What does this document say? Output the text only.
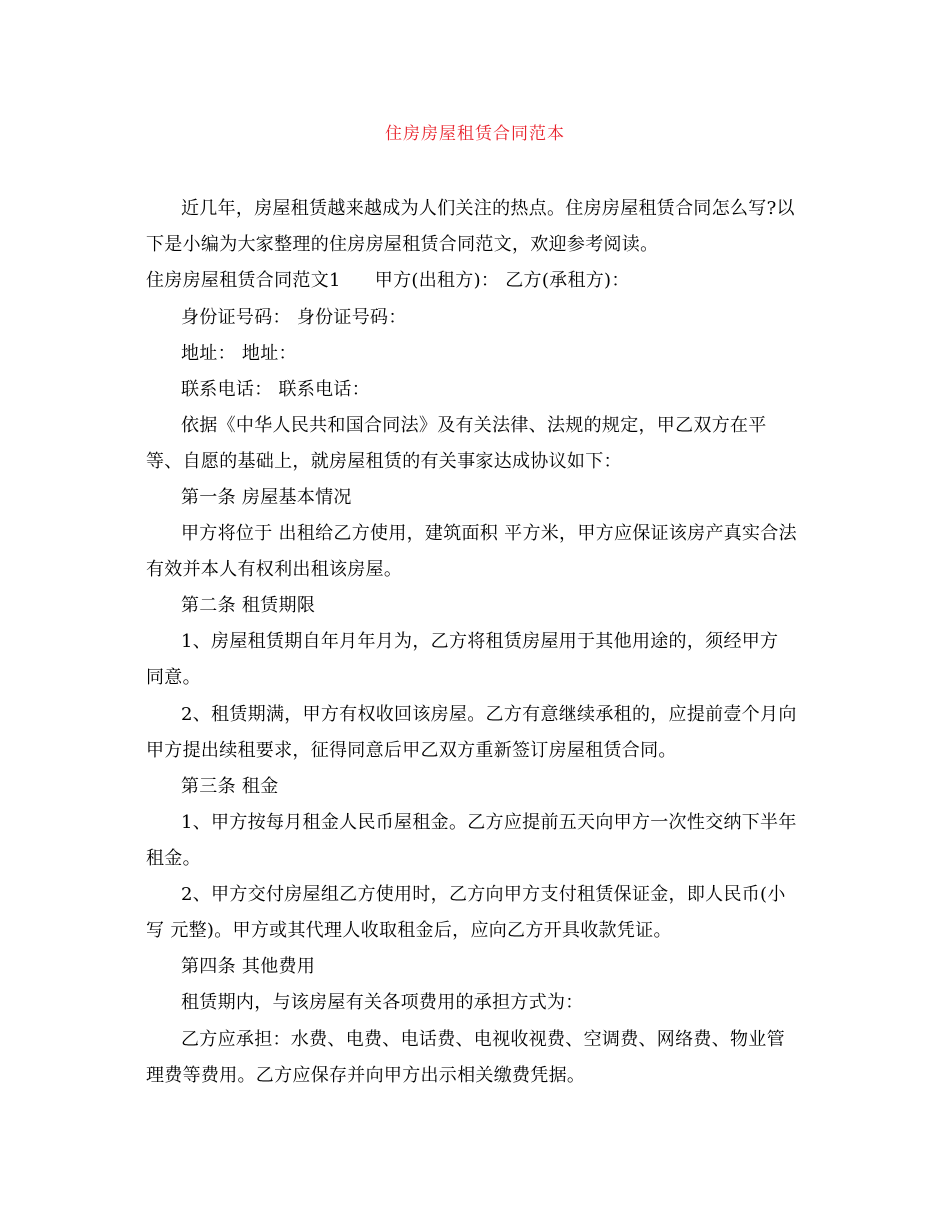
住房房屋租赁合同范本
近几年，房屋租赁越来越成为人们关注的热点。住房房屋租赁合同怎么写?以
下是小编为大家整理的住房房屋租赁合同范文，欢迎参考阅读。
住房房屋租赁合同范文1 甲方(出租方)： 乙方(承租方)：
身份证号码： 身份证号码：
地址： 地址：
联系电话： 联系电话：
依据《中华人民共和国合同法》及有关法律、法规的规定，甲乙双方在平
等、自愿的基础上，就房屋租赁的有关事家达成协议如下：
第一条 房屋基本情况
甲方将位于 出租给乙方使用，建筑面积 平方米，甲方应保证该房产真实合法
有效并本人有权利出租该房屋。
第二条 租赁期限
1、房屋租赁期自年月年月为，乙方将租赁房屋用于其他用途的，须经甲方
同意。
2、租赁期满，甲方有权收回该房屋。乙方有意继续承租的，应提前壹个月向
甲方提出续租要求，征得同意后甲乙双方重新签订房屋租赁合同。
第三条 租金
1、甲方按每月租金人民币屋租金。乙方应提前五天向甲方一次性交纳下半年
租金。
2、甲方交付房屋组乙方使用时，乙方向甲方支付租赁保证金，即人民币(小
写 元整)。甲方或其代理人收取租金后，应向乙方开具收款凭证。
第四条 其他费用
租赁期内，与该房屋有关各项费用的承担方式为：
乙方应承担：水费、电费、电话费、电视收视费、空调费、网络费、物业管
理费等费用。乙方应保存并向甲方出示相关缴费凭据。
